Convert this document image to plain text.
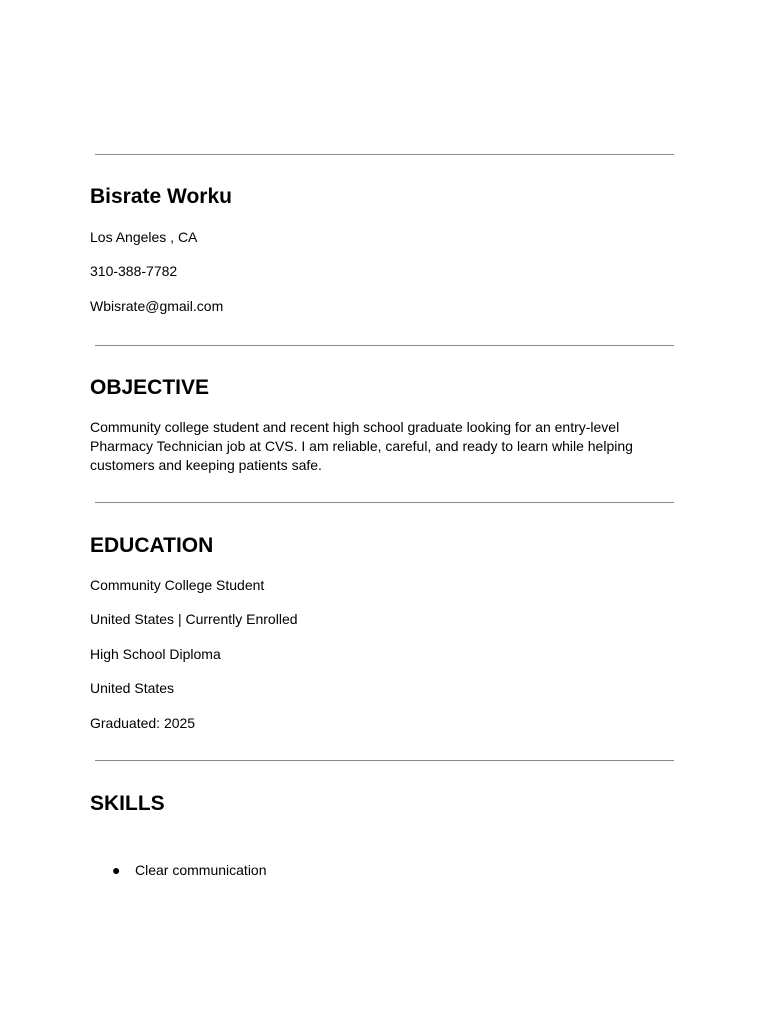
Bisrate Worku
Los Angeles , CA
310-388-7782
Wbisrate@gmail.com
OBJECTIVE
Community college student and recent high school graduate looking for an entry-level Pharmacy Technician job at CVS. I am reliable, careful, and ready to learn while helping customers and keeping patients safe.
EDUCATION
Community College Student
United States | Currently Enrolled
High School Diploma
United States
Graduated: 2025
SKILLS
● Clear communication
